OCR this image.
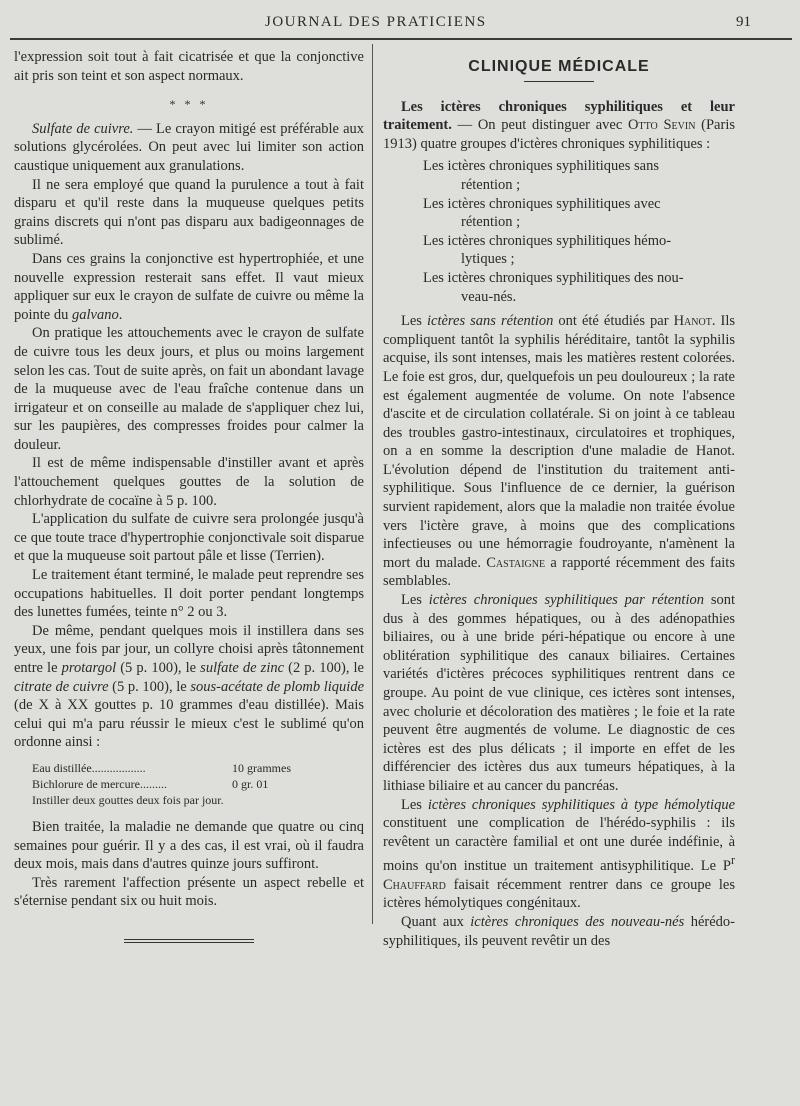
JOURNAL DES PRATICIENS	91

l'expression soit tout à fait cicatrisée et que la conjonctive ait pris son teint et son aspect normaux.

* * *

Sulfate de cuivre. — Le crayon mitigé est préférable aux solutions glycérolées. On peut avec lui limiter son action caustique uniquement aux granulations.

Il ne sera employé que quand la purulence a tout à fait disparu et qu'il reste dans la muqueuse quelques petits grains discrets qui n'ont pas disparu aux badigeonnages de sublimé.

Dans ces grains la conjonctive est hypertrophiée, et une nouvelle expression resterait sans effet. Il vaut mieux appliquer sur eux le crayon de sulfate de cuivre ou même la pointe du galvano.

On pratique les attouchements avec le crayon de sulfate de cuivre tous les deux jours, et plus ou moins largement selon les cas. Tout de suite après, on fait un abondant lavage de la muqueuse avec de l'eau fraîche contenue dans un irrigateur et on conseille au malade de s'appliquer chez lui, sur les paupières, des compresses froides pour calmer la douleur.

Il est de même indispensable d'instiller avant et après l'attouchement quelques gouttes de la solution de chlorhydrate de cocaïne à 5 p. 100.

L'application du sulfate de cuivre sera prolongée jusqu'à ce que toute trace d'hypertrophie conjonctivale soit disparue et que la muqueuse soit partout pâle et lisse (Terrien).

Le traitement étant terminé, le malade peut reprendre ses occupations habituelles. Il doit porter pendant longtemps des lunettes fumées, teinte n° 2 ou 3.

De même, pendant quelques mois il instillera dans ses yeux, une fois par jour, un collyre choisi après tâtonnement entre le protargol (5 p. 100), le sulfate de zinc (2 p. 100), le citrate de cuivre (5 p. 100), le sous-acétate de plomb liquide (de X à XX gouttes p. 10 grammes d'eau distillée). Mais celui qui m'a paru réussir le mieux c'est le sublimé qu'on ordonne ainsi :

Eau distillée..................	10 grammes
Bichlorure de mercure.........	0 gr. 01
Instiller deux gouttes deux fois par jour.

Bien traitée, la maladie ne demande que quatre ou cinq semaines pour guérir. Il y a des cas, il est vrai, où il faudra deux mois, mais dans d'autres quinze jours suffiront.

Très rarement l'affection présente un aspect rebelle et s'éternise pendant six ou huit mois.

CLINIQUE MÉDICALE

Les ictères chroniques syphilitiques et leur traitement. — On peut distinguer avec Otto Sevin (Paris 1913) quatre groupes d'ictères chroniques syphilitiques :

Les ictères chroniques syphilitiques sans
rétention ;

Les ictères chroniques syphilitiques avec
rétention ;

Les ictères chroniques syphilitiques hémo-
lytiques ;

Les ictères chroniques syphilitiques des nou-
veau-nés.

Les ictères sans rétention ont été étudiés par Hanot. Ils compliquent tantôt la syphilis héréditaire, tantôt la syphilis acquise, ils sont intenses, mais les matières restent colorées. Le foie est gros, dur, quelquefois un peu douloureux ; la rate est également augmentée de volume. On note l'absence d'ascite et de circulation collatérale. Si on joint à ce tableau des troubles gastro-intestinaux, circulatoires et trophiques, on a en somme la description d'une maladie de Hanot. L'évolution dépend de l'institution du traitement anti-syphilitique. Sous l'influence de ce dernier, la guérison survient rapidement, alors que la maladie non traitée évolue vers l'ictère grave, à moins que des complications infectieuses ou une hémorragie foudroyante, n'amènent la mort du malade. Castaigne a rapporté récemment des faits semblables.

Les ictères chroniques syphilitiques par rétention sont dus à des gommes hépatiques, ou à des adénopathies biliaires, ou à une bride péri-hépatique ou encore à une oblitération syphilitique des canaux biliaires. Certaines variétés d'ictères précoces syphilitiques rentrent dans ce groupe. Au point de vue clinique, ces ictères sont intenses, avec cholurie et décoloration des matières ; le foie et la rate peuvent être augmentés de volume. Le diagnostic de ces ictères est des plus délicats ; il importe en effet de les différencier des ictères dus aux tumeurs hépatiques, à la lithiase biliaire et au cancer du pancréas.

Les ictères chroniques syphilitiques à type hémolytique constituent une complication de l'hérédo-syphilis : ils revêtent un caractère familial et ont une durée indéfinie, à moins qu'on institue un traitement antisyphilitique. Le $P^r$ Chauffard faisait récemment rentrer dans ce groupe les ictères hémolytiques congénitaux.

Quant aux ictères chroniques des nouveau-nés hérédo-syphilitiques, ils peuvent revêtir un des
